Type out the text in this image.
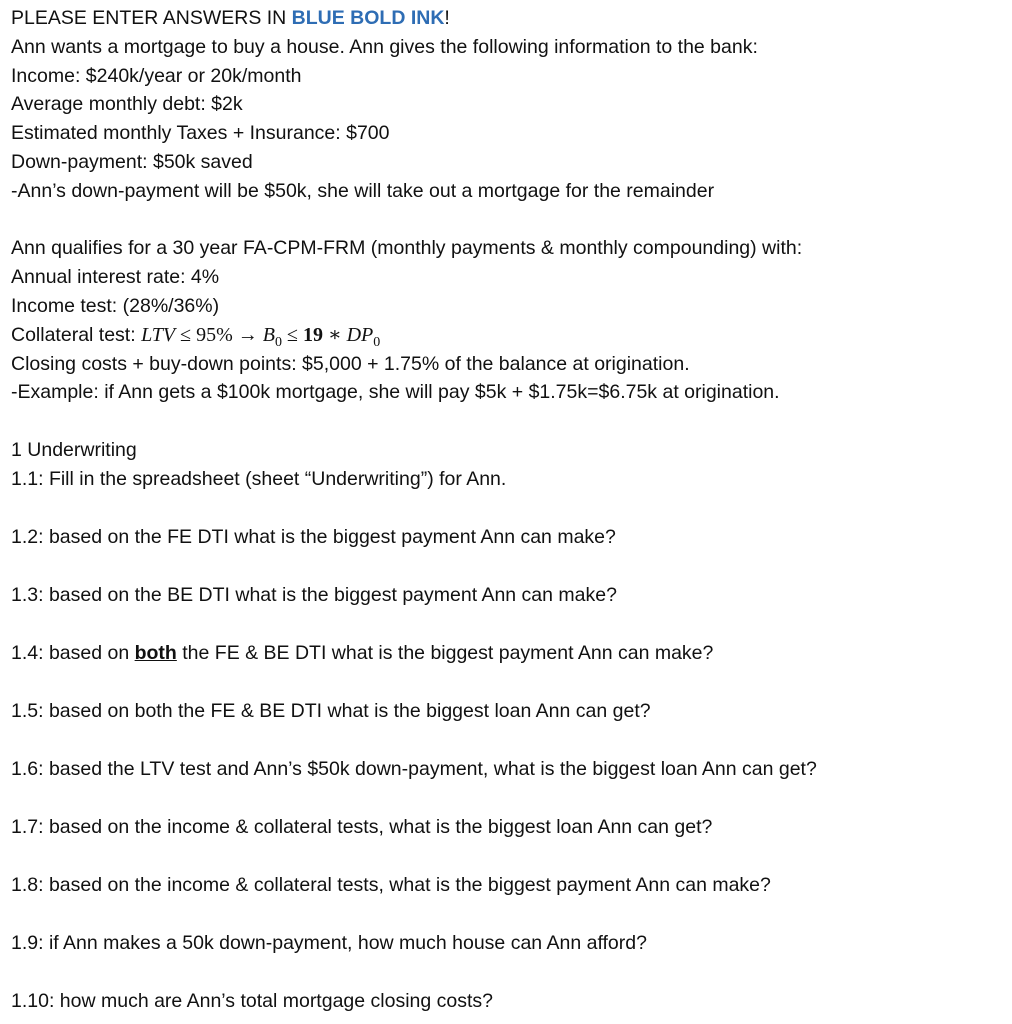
PLEASE ENTER ANSWERS IN BLUE BOLD INK!
Ann wants a mortgage to buy a house. Ann gives the following information to the bank:
Income: $240k/year or 20k/month
Average monthly debt: $2k
Estimated monthly Taxes + Insurance: $700
Down-payment: $50k saved
-Ann’s down-payment will be $50k, she will take out a mortgage for the remainder
Ann qualifies for a 30 year FA-CPM-FRM (monthly payments & monthly compounding) with:
Annual interest rate: 4%
Income test: (28%/36%)
Collateral test: LTV ≤ $95\% \to B_0 \le 19$ ∗ $DP_0$
Closing costs + buy-down points: $5,000 + 1.75% of the balance at origination.
-Example: if Ann gets a $100k mortgage, she will pay $5k + $1.75k=$6.75k at origination.
1 Underwriting
1.1: Fill in the spreadsheet (sheet “Underwriting”) for Ann.
1.2: based on the FE DTI what is the biggest payment Ann can make?
1.3: based on the BE DTI what is the biggest payment Ann can make?
1.4: based on both the FE & BE DTI what is the biggest payment Ann can make?
1.5: based on both the FE & BE DTI what is the biggest loan Ann can get?
1.6: based the LTV test and Ann’s $50k down-payment, what is the biggest loan Ann can get?
1.7: based on the income & collateral tests, what is the biggest loan Ann can get?
1.8: based on the income & collateral tests, what is the biggest payment Ann can make?
1.9: if Ann makes a 50k down-payment, how much house can Ann afford?
1.10: how much are Ann’s total mortgage closing costs?
